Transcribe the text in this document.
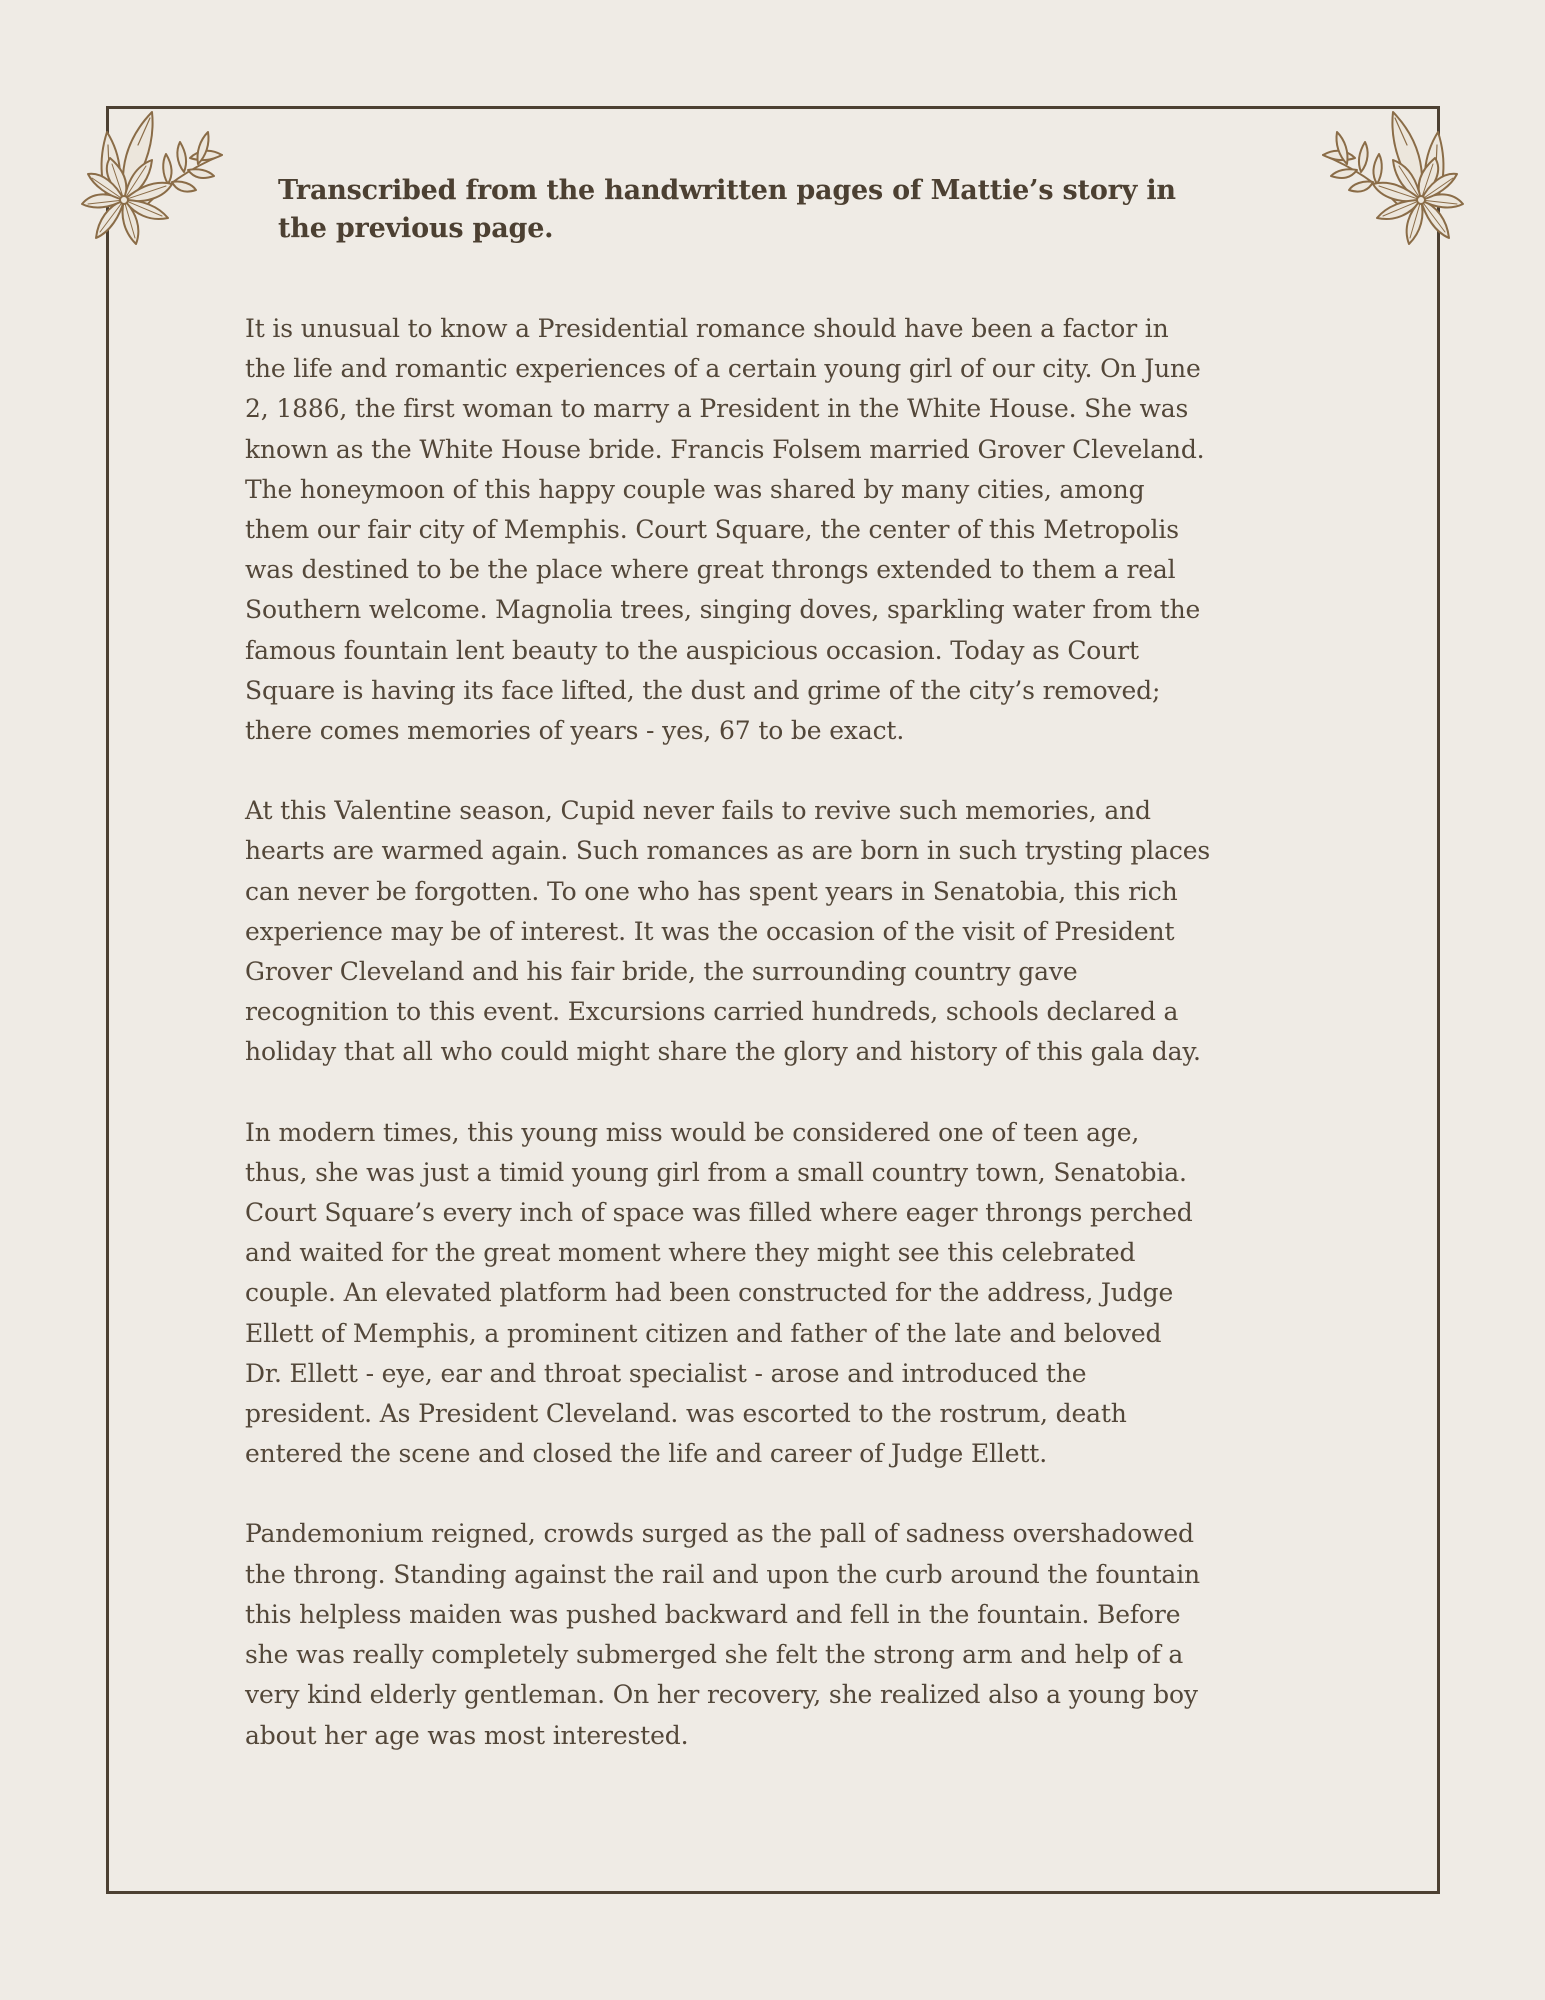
Transcribed from the handwritten pages of Mattie’s story in
the previous page.

It is unusual to know a Presidential romance should have been a factor in
the life and romantic experiences of a certain young girl of our city. On June
2, 1886, the first woman to marry a President in the White House. She was
known as the White House bride. Francis Folsem married Grover Cleveland.
The honeymoon of this happy couple was shared by many cities, among
them our fair city of Memphis. Court Square, the center of this Metropolis
was destined to be the place where great throngs extended to them a real
Southern welcome. Magnolia trees, singing doves, sparkling water from the
famous fountain lent beauty to the auspicious occasion. Today as Court
Square is having its face lifted, the dust and grime of the city’s removed;
there comes memories of years - yes, 67 to be exact.

At this Valentine season, Cupid never fails to revive such memories, and
hearts are warmed again. Such romances as are born in such trysting places
can never be forgotten. To one who has spent years in Senatobia, this rich
experience may be of interest. It was the occasion of the visit of President
Grover Cleveland and his fair bride, the surrounding country gave
recognition to this event. Excursions carried hundreds, schools declared a
holiday that all who could might share the glory and history of this gala day.

In modern times, this young miss would be considered one of teen age,
thus, she was just a timid young girl from a small country town, Senatobia.
Court Square’s every inch of space was filled where eager throngs perched
and waited for the great moment where they might see this celebrated
couple. An elevated platform had been constructed for the address, Judge
Ellett of Memphis, a prominent citizen and father of the late and beloved
Dr. Ellett - eye, ear and throat specialist - arose and introduced the
president. As President Cleveland. was escorted to the rostrum, death
entered the scene and closed the life and career of Judge Ellett.

Pandemonium reigned, crowds surged as the pall of sadness overshadowed
the throng. Standing against the rail and upon the curb around the fountain
this helpless maiden was pushed backward and fell in the fountain. Before
she was really completely submerged she felt the strong arm and help of a
very kind elderly gentleman. On her recovery, she realized also a young boy
about her age was most interested.
